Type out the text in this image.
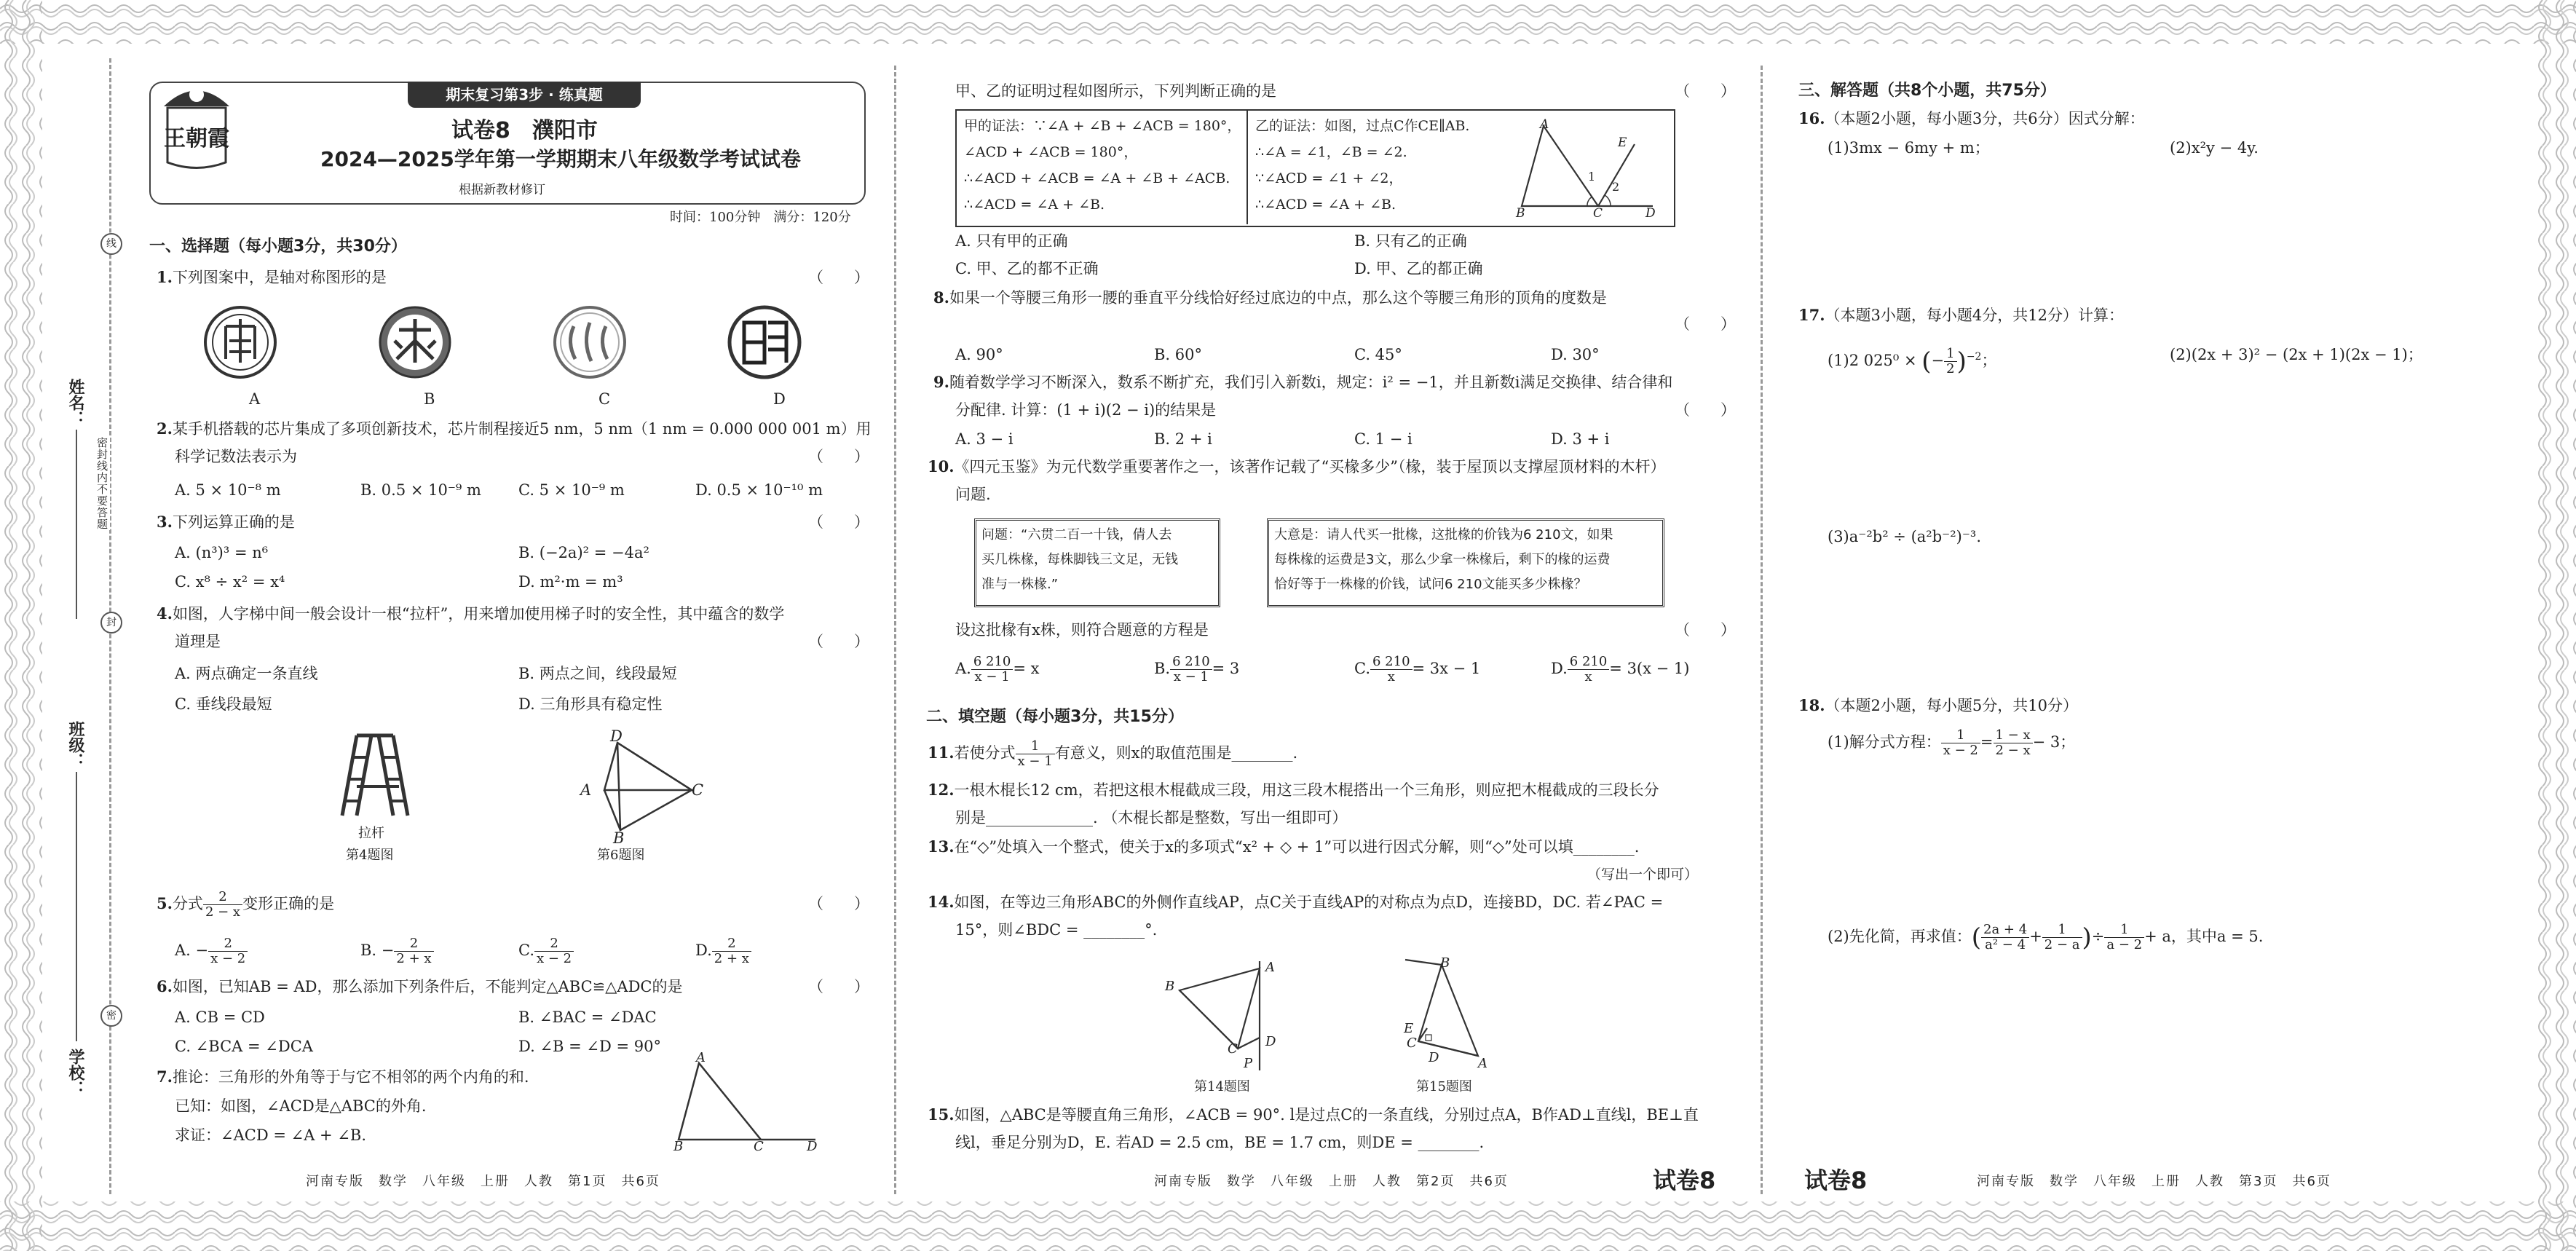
姓名：
班级：
学校：
密封线内不要答题
线
封
密
期末复习第3步 · 练真题
王朝霞	试卷8　濮阳市
2024—2025学年第一学期期末八年级数学考试试卷
根据新教材修订
时间：100分钟　满分：120分
一、选择题（每小题3分，共30分）
1.下列图案中，是轴对称图形的是	（　　）
A	B	C	D
2.某手机搭载的芯片集成了多项创新技术，芯片制程接近5 nm，5 nm（1 nm = 0.000 000 001 m）用
科学记数法表示为	（　　）
A. 5 × 10⁻⁸ m	B. 0.5 × 10⁻⁹ m C. 5 × 10⁻⁹ m	D. 0.5 × 10⁻¹⁰ m
3.下列运算正确的是	（　　）
A. (n³)³ = n⁶	B. (−2a)² = −4a²
C. x⁸ ÷ x² = x⁴	D. m²·m = m³
4.如图，人字梯中间一般会设计一根“拉杆”，用来增加使用梯子时的安全性，其中蕴含的数学
道理是	（　　）
A. 两点确定一条直线	B. 两点之间，线段最短
C. 垂线段最短	D. 三角形具有稳定性
拉杆
第4题图
D
A	C
B
第6题图
5.分式 $\frac{2}{2 - x}$ 变形正确的是	（　　）
A. − $\frac{2}{x - 2}$	B. − $\frac{2}{2 + x}$	C. $\frac{2}{x - 2}$	D. $\frac{2}{2 + x}$
6.如图，已知AB = AD，那么添加下列条件后，不能判定△ABC≌△ADC的是	（　　）
A. CB = CD	B. ∠BAC = ∠DAC
C. ∠BCA = ∠DCA	D. ∠B = ∠D = 90°
7.推论：三角形的外角等于与它不相邻的两个内角的和.
已知：如图，∠ACD是△ABC的外角.
求证：∠ACD = ∠A + ∠B.
A
B	C	D
河南专版　数学　八年级　上册　人教　第1页　共6页
甲、乙的证明过程如图所示，下列判断正确的是	（　　）
甲的证法：∵∠A + ∠B + ∠ACB = 180°，
∠ACD + ∠ACB = 180°，
∴∠ACD + ∠ACB = ∠A + ∠B + ∠ACB.
∴∠ACD = ∠A + ∠B.
乙的证法：如图，过点C作CE∥AB.
∴∠A = ∠1，∠B = ∠2.
∵∠ACD = ∠1 + ∠2，
∴∠ACD = ∠A + ∠B.
A
E
1
2
B	C	D
A. 只有甲的正确	B. 只有乙的正确
C. 甲、乙的都不正确	D. 甲、乙的都正确
8.如果一个等腰三角形一腰的垂直平分线恰好经过底边的中点，那么这个等腰三角形的顶角的度数是
（　　）
A. 90°	B. 60°	C. 45°	D. 30°
9.随着数学学习不断深入，数系不断扩充，我们引入新数i，规定：i² = −1，并且新数i满足交换律、结合律和
分配律. 计算：(1 + i)(2 − i)的结果是	（　　）
A. 3 − i	B. 2 + i	C. 1 − i	D. 3 + i
10.《四元玉鉴》为元代数学重要著作之一，该著作记载了“买椽多少”（椽，装于屋顶以支撑屋顶材料的木杆）
问题.
问题：“六贯二百一十钱，倩人去
买几株椽，每株脚钱三文足，无钱
准与一株椽.”
大意是：请人代买一批椽，这批椽的价钱为6 210文，如果
每株椽的运费是3文，那么少拿一株椽后，剩下的椽的运费
恰好等于一株椽的价钱，试问6 210文能买多少株椽？
设这批椽有x株，则符合题意的方程是	（　　）
A. $\frac{6 210}{x - 1} = x$	B. $\frac{6 210}{x - 1} = 3$	C. $\frac{6 210}{x} = 3x - 1$	D. $\frac{6 210}{x} = 3(x - 1)$
二、填空题（每小题3分，共15分）
11.若使分式 $\frac{1}{x - 1}$ 有意义，则x的取值范围是________.
12.一根木棍长12 cm，若把这根木棍截成三段，用这三段木棍搭出一个三角形，则应把木棍截成的三段长分
别是______________. （木棍长都是整数，写出一组即可）
13.在“◇”处填入一个整式，使关于x的多项式“x² + ◇ + 1”可以进行因式分解，则“◇”处可以填________.
（写出一个即可）
14.如图，在等边三角形ABC的外侧作直线AP，点C关于直线AP的对称点为点D，连接BD，DC. 若∠PAC =
15°，则∠BDC = ________°.
B
A
D
C
P
第14题图
B
E
C
D	A
第15题图
15.如图，△ABC是等腰直角三角形，∠ACB = 90°. l是过点C的一条直线，分别过点A，B作AD⊥直线l，BE⊥直
线l，垂足分别为D，E. 若AD = 2.5 cm，BE = 1.7 cm，则DE = ________.
河南专版　数学　八年级　上册　人教　第2页　共6页	试卷8
三、解答题（共8个小题，共75分）
16.（本题2小题，每小题3分，共6分）因式分解：
(1)3mx − 6my + m；	(2)x²y − 4y.
17.（本题3小题，每小题4分，共12分）计算：
(1)2 025⁰ × (− $\frac{1}{2} )^{-2}$；	(2)(2x + 3)² − (2x + 1)(2x − 1)；
(3)a⁻²b² ÷ (a²b⁻²)⁻³.
18.（本题2小题，每小题5分，共10分）
(1)解分式方程： $\frac{1}{x - 2} = \frac{1 - x}{2 - x} - 3$；
(2)先化简，再求值：( $\frac{2a + 4}{\text{a² − 4}} + \frac{1}{2 - a}$ )÷ $\frac{1}{a - 2} + a$，其中a = 5.
试卷8	河南专版　数学　八年级　上册　人教　第3页　共6页
